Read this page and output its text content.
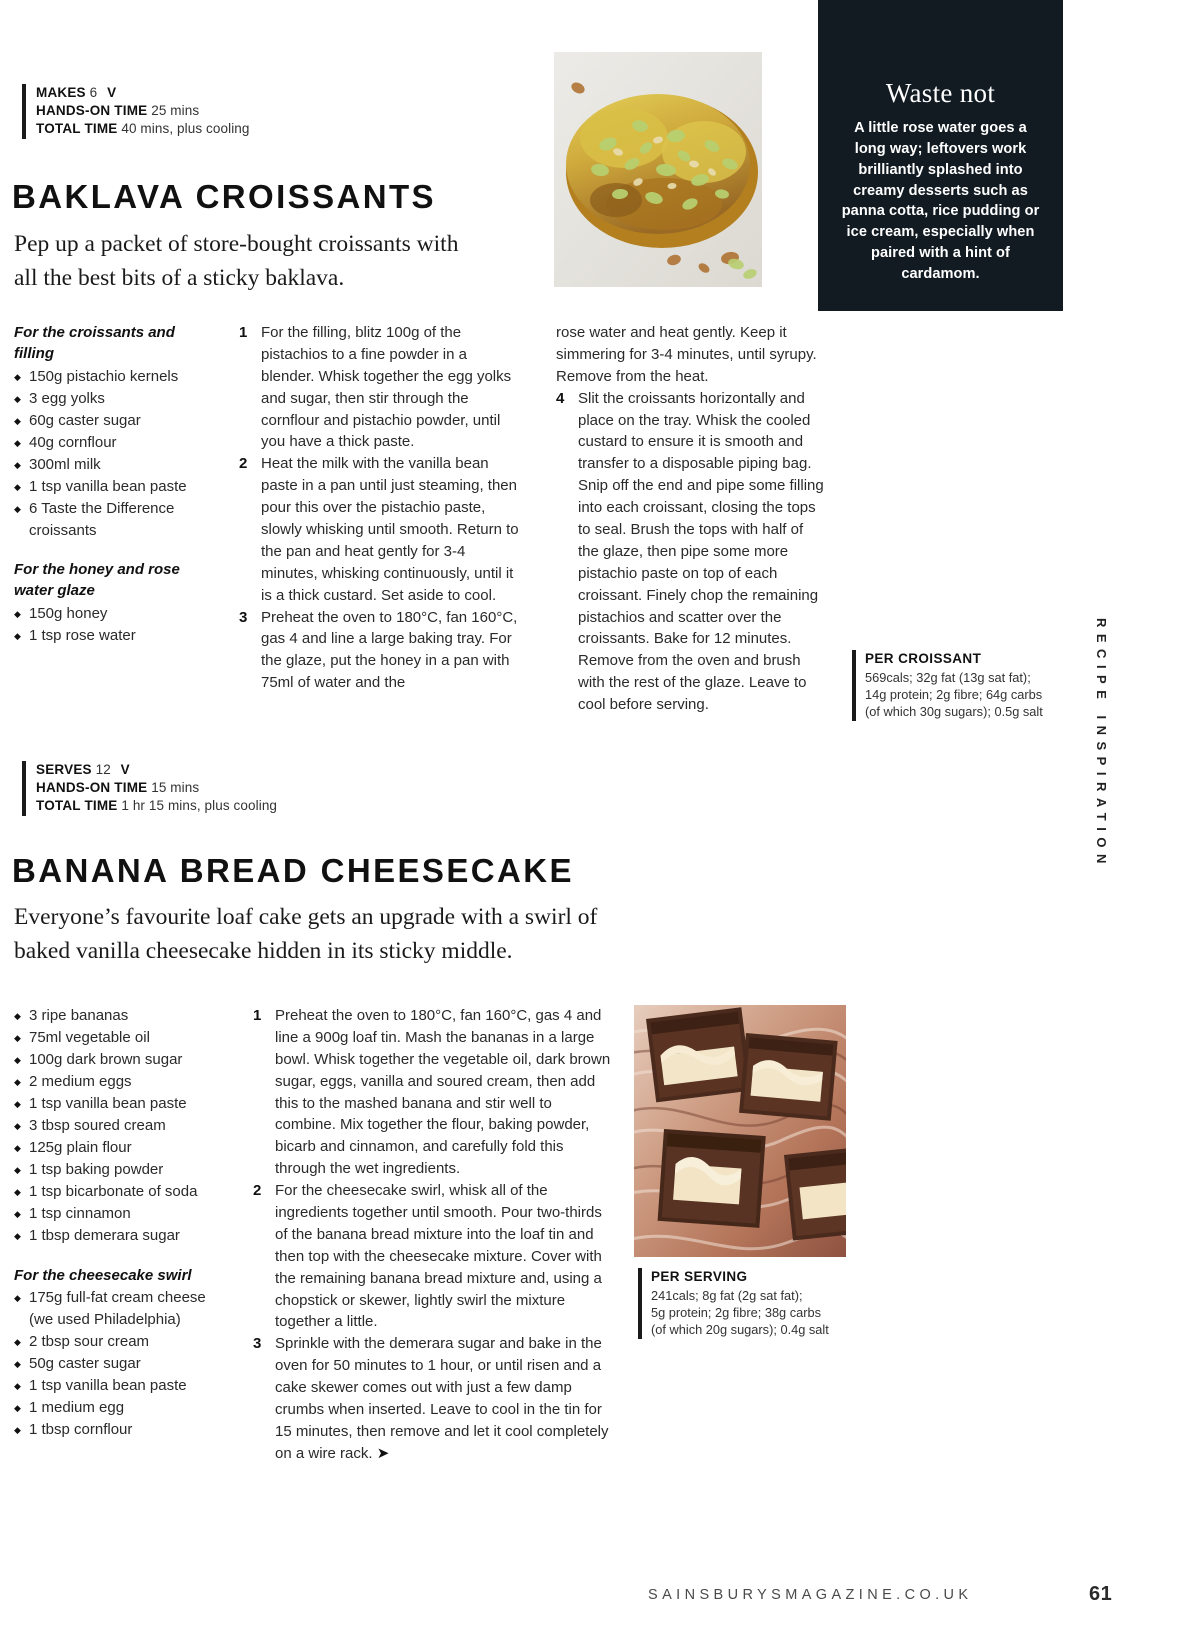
MAKES 6 V
HANDS-ON TIME 25 mins
TOTAL TIME 40 mins, plus cooling
BAKLAVA CROISSANTS

Pep up a packet of store-bought croissants with all the best bits of a sticky baklava.

Waste not

A little rose water goes a long way; leftovers work brilliantly splashed into creamy desserts such as panna cotta, rice pudding or ice cream, especially when paired with a hint of cardamom.

For the croissants and filling
◆ 150g pistachio kernels
◆ 3 egg yolks
◆ 60g caster sugar
◆ 40g cornflour
◆ 300ml milk
◆ 1 tsp vanilla bean paste
◆ 6 Taste the Difference croissants
For the honey and rose water glaze
◆ 150g honey
◆ 1 tsp rose water
1 For the filling, blitz 100g of the pistachios to a fine powder in a blender. Whisk together the egg yolks and sugar, then stir through the cornflour and pistachio powder, until you have a thick paste.
2 Heat the milk with the vanilla bean paste in a pan until just steaming, then pour this over the pistachio paste, slowly whisking until smooth. Return to the pan and heat gently for 3-4 minutes, whisking continuously, until it is a thick custard. Set aside to cool.
3 Preheat the oven to 180°C, fan 160°C, gas 4 and line a large baking tray. For the glaze, put the honey in a pan with 75ml of water and the
rose water and heat gently. Keep it simmering for 3-4 minutes, until syrupy. Remove from the heat.
4 Slit the croissants horizontally and place on the tray. Whisk the cooled custard to ensure it is smooth and transfer to a disposable piping bag. Snip off the end and pipe some filling into each croissant, closing the tops to seal. Brush the tops with half of the glaze, then pipe some more pistachio paste on top of each croissant. Finely chop the remaining pistachios and scatter over the croissants. Bake for 12 minutes. Remove from the oven and brush with the rest of the glaze. Leave to cool before serving.
PER CROISSANT
569cals; 32g fat (13g sat fat);
14g protein; 2g fibre; 64g carbs
(of which 30g sugars); 0.5g salt
SERVES 12 V
HANDS-ON TIME 15 mins
TOTAL TIME 1 hr 15 mins, plus cooling
BANANA BREAD CHEESECAKE

Everyone’s favourite loaf cake gets an upgrade with a swirl of baked vanilla cheesecake hidden in its sticky middle.

◆ 3 ripe bananas
◆ 75ml vegetable oil
◆ 100g dark brown sugar
◆ 2 medium eggs
◆ 1 tsp vanilla bean paste
◆ 3 tbsp soured cream
◆ 125g plain flour
◆ 1 tsp baking powder
◆ 1 tsp bicarbonate of soda
◆ 1 tsp cinnamon
◆ 1 tbsp demerara sugar
For the cheesecake swirl
◆ 175g full-fat cream cheese (we used Philadelphia)
◆ 2 tbsp sour cream
◆ 50g caster sugar
◆ 1 tsp vanilla bean paste
◆ 1 medium egg
◆ 1 tbsp cornflour
1 Preheat the oven to 180°C, fan 160°C, gas 4 and line a 900g loaf tin. Mash the bananas in a large bowl. Whisk together the vegetable oil, dark brown sugar, eggs, vanilla and soured cream, then add this to the mashed banana and stir well to combine. Mix together the flour, baking powder, bicarb and cinnamon, and carefully fold this through the wet ingredients.
2 For the cheesecake swirl, whisk all of the ingredients together until smooth. Pour two-thirds of the banana bread mixture into the loaf tin and then top with the cheesecake mixture. Cover with the remaining banana bread mixture and, using a chopstick or skewer, lightly swirl the mixture together a little.
3 Sprinkle with the demerara sugar and bake in the oven for 50 minutes to 1 hour, or until risen and a cake skewer comes out with just a few damp crumbs when inserted. Leave to cool in the tin for 15 minutes, then remove and let it cool completely on a wire rack. ➤
PER SERVING
241cals; 8g fat (2g sat fat);
5g protein; 2g fibre; 38g carbs
(of which 20g sugars); 0.4g salt
RECIPE INSPIRATION
SAINSBURYSMAGAZINE.CO.UK	61
